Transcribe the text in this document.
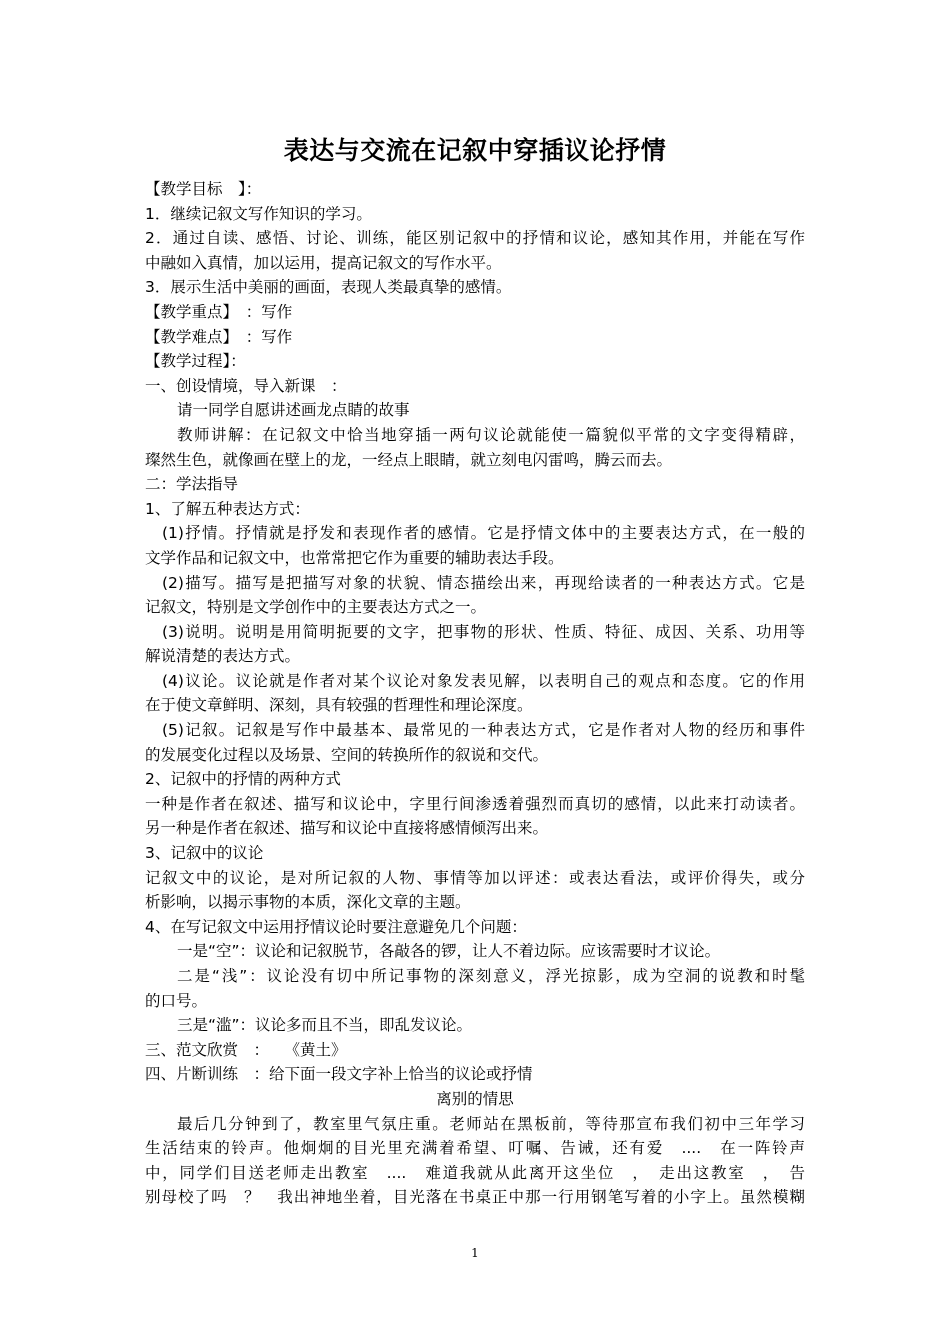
表达与交流在记叙中穿插议论抒情
【教学目标　】：
1．继续记叙文写作知识的学习。
2．通过自读、感悟、讨论、训练，能区别记叙中的抒情和议论，感知其作用，并能在写作
中融如入真情，加以运用，提高记叙文的写作水平。
3．展示生活中美丽的画面，表现人类最真挚的感情。
【教学重点】　：写作
【教学难点】　：写作
【教学过程】：
一、创设情境，导入新课　：
请一同学自愿讲述画龙点睛的故事
教师讲解：在记叙文中恰当地穿插一两句议论就能使一篇貌似平常的文字变得精辟，
璨然生色，就像画在壁上的龙，一经点上眼睛，就立刻电闪雷鸣，腾云而去。
二：学法指导
1、了解五种表达方式：
(1)抒情。抒情就是抒发和表现作者的感情。它是抒情文体中的主要表达方式，在一般的
文学作品和记叙文中，也常常把它作为重要的辅助表达手段。
(2)描写。描写是把描写对象的状貌、情态描绘出来，再现给读者的一种表达方式。它是
记叙文，特别是文学创作中的主要表达方式之一。
(3)说明。说明是用简明扼要的文字，把事物的形状、性质、特征、成因、关系、功用等
解说清楚的表达方式。
(4)议论。议论就是作者对某个议论对象发表见解，以表明自己的观点和态度。它的作用
在于使文章鲜明、深刻，具有较强的哲理性和理论深度。
(5)记叙。记叙是写作中最基本、最常见的一种表达方式，它是作者对人物的经历和事件
的发展变化过程以及场景、空间的转换所作的叙说和交代。
2、记叙中的抒情的两种方式
一种是作者在叙述、描写和议论中，字里行间渗透着强烈而真切的感情，以此来打动读者。
另一种是作者在叙述、描写和议论中直接将感情倾泻出来。
3、记叙中的议论
记叙文中的议论，是对所记叙的人物、事情等加以评述：或表达看法，或评价得失，或分
析影响，以揭示事物的本质，深化文章的主题。
4、在写记叙文中运用抒情议论时要注意避免几个问题：
一是“空”：议论和记叙脱节，各敲各的锣，让人不着边际。应该需要时才议论。
二是“浅”：议论没有切中所记事物的深刻意义，浮光掠影，成为空洞的说教和时髦
的口号。
三是“滥”：议论多而且不当，即乱发议论。
三、范文欣赏　：　　《黄土》
四、片断训练　：给下面一段文字补上恰当的议论或抒情
离别的情思
最后几分钟到了，教室里气氛庄重。老师站在黑板前，等待那宣布我们初中三年学习
生活结束的铃声。他炯炯的目光里充满着希望、叮嘱、告诫，还有爱　....　在一阵铃声
中，同学们目送老师走出教室　....　难道我就从此离开这坐位　，　走出这教室　，　告
别母校了吗　？　我出神地坐着，目光落在书桌正中那一行用钢笔写着的小字上。虽然模糊
1
